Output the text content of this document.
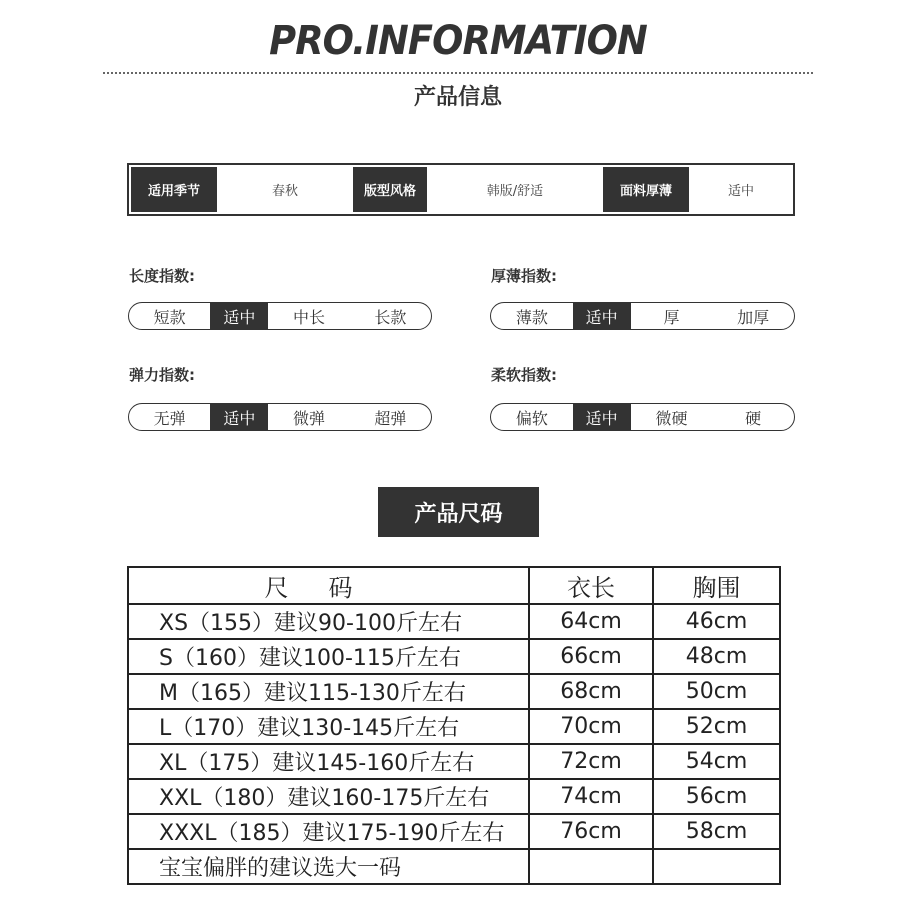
PRO.INFORMATION
产品信息
适用季节	春秋	版型风格	韩版/舒适	面料厚薄	适中
长度指数:
短款	适中	中长	长款
厚薄指数:
薄款	适中	厚	加厚
弹力指数:
无弹	适中	微弹	超弹
柔软指数:
偏软	适中	微硬	硬
产品尺码
尺码	衣长	胸围
XS（155）建议90-100斤左右	64cm	46cm
S（160）建议100-115斤左右	66cm	48cm
M（165）建议115-130斤左右	68cm	50cm
L（170）建议130-145斤左右	70cm	52cm
XL（175）建议145-160斤左右	72cm	54cm
XXL（180）建议160-175斤左右	74cm	56cm
XXXL（185）建议175-190斤左右	76cm	58cm
宝宝偏胖的建议选大一码		
